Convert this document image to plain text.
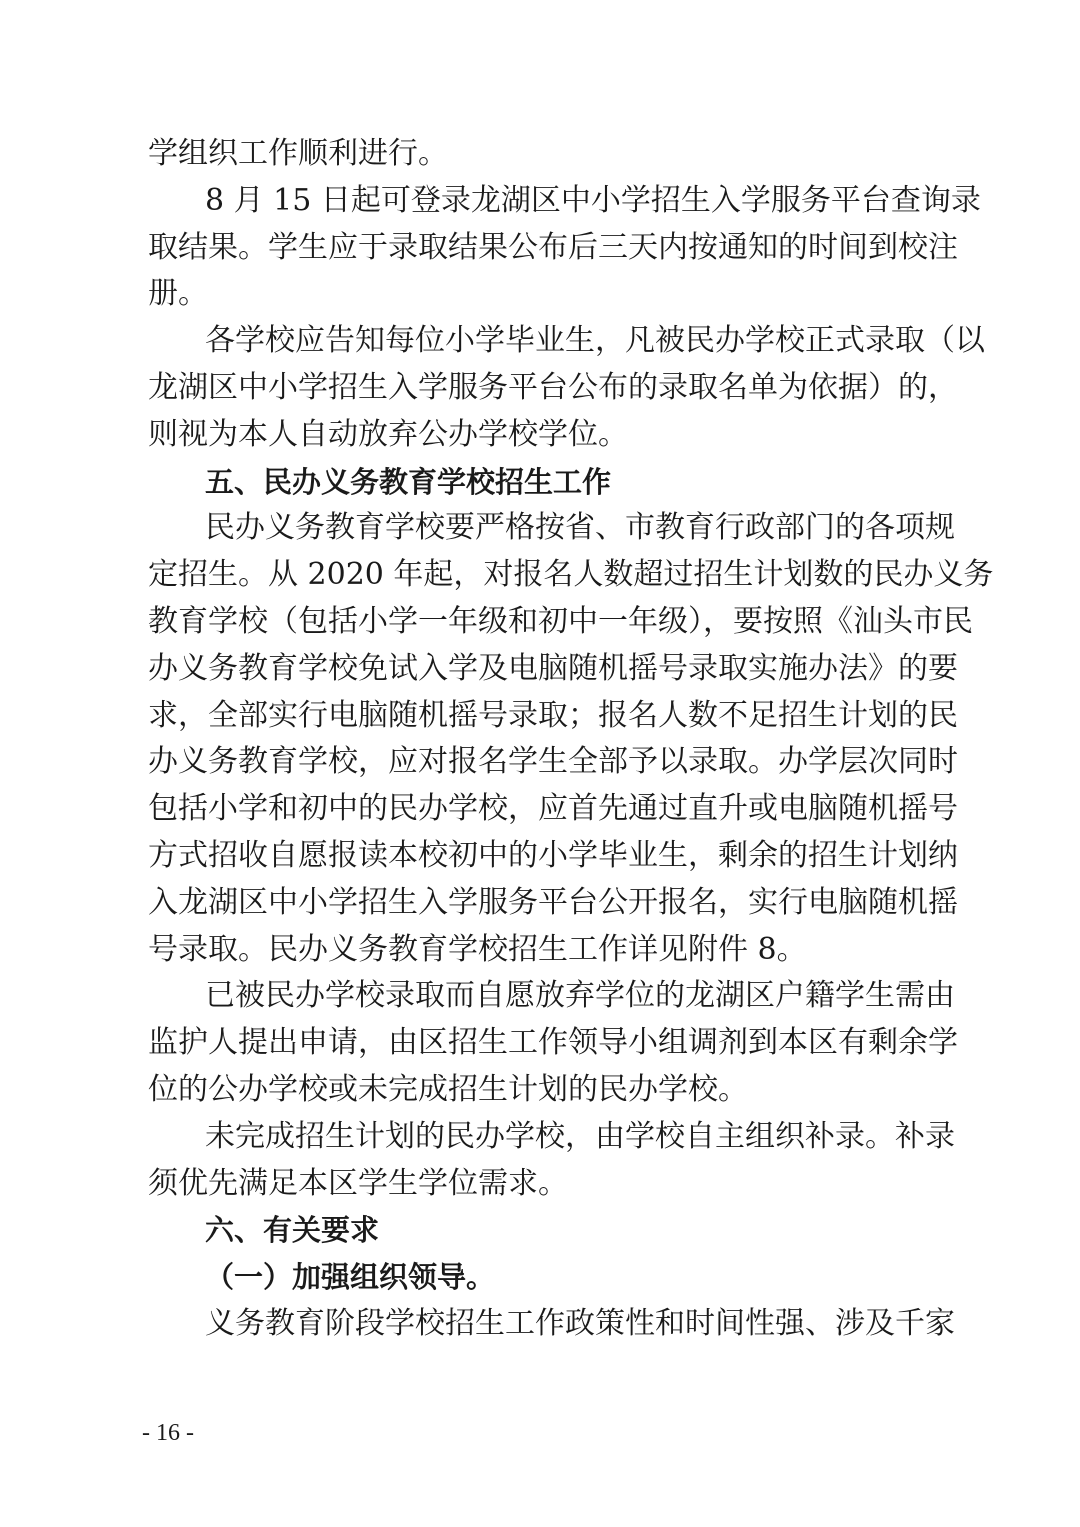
学组织工作顺利进行。
8 月 15 日起可登录龙湖区中小学招生入学服务平台查询录
取结果。学生应于录取结果公布后三天内按通知的时间到校注
册。
各学校应告知每位小学毕业生，凡被民办学校正式录取（以
龙湖区中小学招生入学服务平台公布的录取名单为依据）的，
则视为本人自动放弃公办学校学位。
五、民办义务教育学校招生工作
民办义务教育学校要严格按省、市教育行政部门的各项规
定招生。从 2020 年起，对报名人数超过招生计划数的民办义务
教育学校（包括小学一年级和初中一年级），要按照《汕头市民
办义务教育学校免试入学及电脑随机摇号录取实施办法》的要
求，全部实行电脑随机摇号录取；报名人数不足招生计划的民
办义务教育学校，应对报名学生全部予以录取。办学层次同时
包括小学和初中的民办学校，应首先通过直升或电脑随机摇号
方式招收自愿报读本校初中的小学毕业生，剩余的招生计划纳
入龙湖区中小学招生入学服务平台公开报名，实行电脑随机摇
号录取。民办义务教育学校招生工作详见附件 8。
已被民办学校录取而自愿放弃学位的龙湖区户籍学生需由
监护人提出申请，由区招生工作领导小组调剂到本区有剩余学
位的公办学校或未完成招生计划的民办学校。
未完成招生计划的民办学校，由学校自主组织补录。补录
须优先满足本区学生学位需求。
六、有关要求
（一）加强组织领导。
义务教育阶段学校招生工作政策性和时间性强、涉及千家
- 16 -
